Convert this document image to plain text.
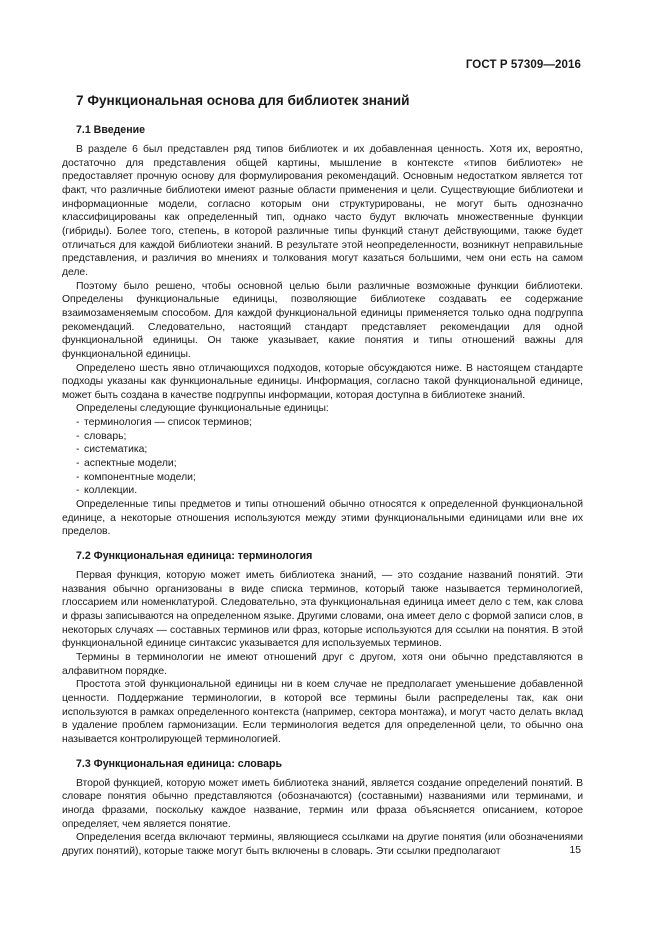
ГОСТ Р 57309—2016
7 Функциональная основа для библиотек знаний
7.1 Введение

В разделе 6 был представлен ряд типов библиотек и их добавленная ценность. Хотя их, вероятно, достаточно для представления общей картины, мышление в контексте «типов библиотек» не предоставляет прочную основу для формулирования рекомендаций. Основным недостатком является тот факт, что различные библиотеки имеют разные области применения и цели. Существующие библиотеки и информационные модели, согласно которым они структурированы, не могут быть однозначно классифицированы как определенный тип, однако часто будут включать множественные функции (гибриды). Более того, степень, в которой различные типы функций станут действующими, также будет отличаться для каждой библиотеки знаний. В результате этой неопределенности, возникнут неправильные представления, и различия во мнениях и толкования могут казаться большими, чем они есть на самом деле.

Поэтому было решено, чтобы основной целью были различные возможные функции библиотеки. Определены функциональные единицы, позволяющие библиотеке создавать ее содержание взаимозаменяемым способом. Для каждой функциональной единицы применяется только одна подгруппа рекомендаций. Следовательно, настоящий стандарт представляет рекомендации для одной функциональной единицы. Он также указывает, какие понятия и типы отношений важны для функциональной единицы.

Определено шесть явно отличающихся подходов, которые обсуждаются ниже. В настоящем стандарте подходы указаны как функциональные единицы. Информация, согласно такой функциональной единице, может быть создана в качестве подгруппы информации, которая доступна в библиотеке знаний.

Определены следующие функциональные единицы:

- терминология — список терминов;
- словарь;
- систематика;
- аспектные модели;
- компонентные модели;
- коллекции.

Определенные типы предметов и типы отношений обычно относятся к определенной функциональной единице, а некоторые отношения используются между этими функциональными единицами или вне их пределов.

7.2 Функциональная единица: терминология

Первая функция, которую может иметь библиотека знаний, — это создание названий понятий. Эти названия обычно организованы в виде списка терминов, который также называется терминологией, глоссарием или номенклатурой. Следовательно, эта функциональная единица имеет дело с тем, как слова и фразы записываются на определенном языке. Другими словами, она имеет дело с формой записи слов, в некоторых случаях — составных терминов или фраз, которые используются для ссылки на понятия. В этой функциональной единице синтаксис указывается для используемых терминов.

Термины в терминологии не имеют отношений друг с другом, хотя они обычно представляются в алфавитном порядке.

Простота этой функциональной единицы ни в коем случае не предполагает уменьшение добавленной ценности. Поддержание терминологии, в которой все термины были распределены так, как они используются в рамках определенного контекста (например, сектора монтажа), и могут часто делать вклад в удаление проблем гармонизации. Если терминология ведется для определенной цели, то обычно она называется контролирующей терминологией.

7.3 Функциональная единица: словарь

Второй функцией, которую может иметь библиотека знаний, является создание определений понятий. В словаре понятия обычно представляются (обозначаются) (составными) названиями или терминами, и иногда фразами, поскольку каждое название, термин или фраза объясняется описанием, которое определяет, чем является понятие.

Определения всегда включают термины, являющиеся ссылками на другие понятия (или обозначениями других понятий), которые также могут быть включены в словарь. Эти ссылки предполагают	15
